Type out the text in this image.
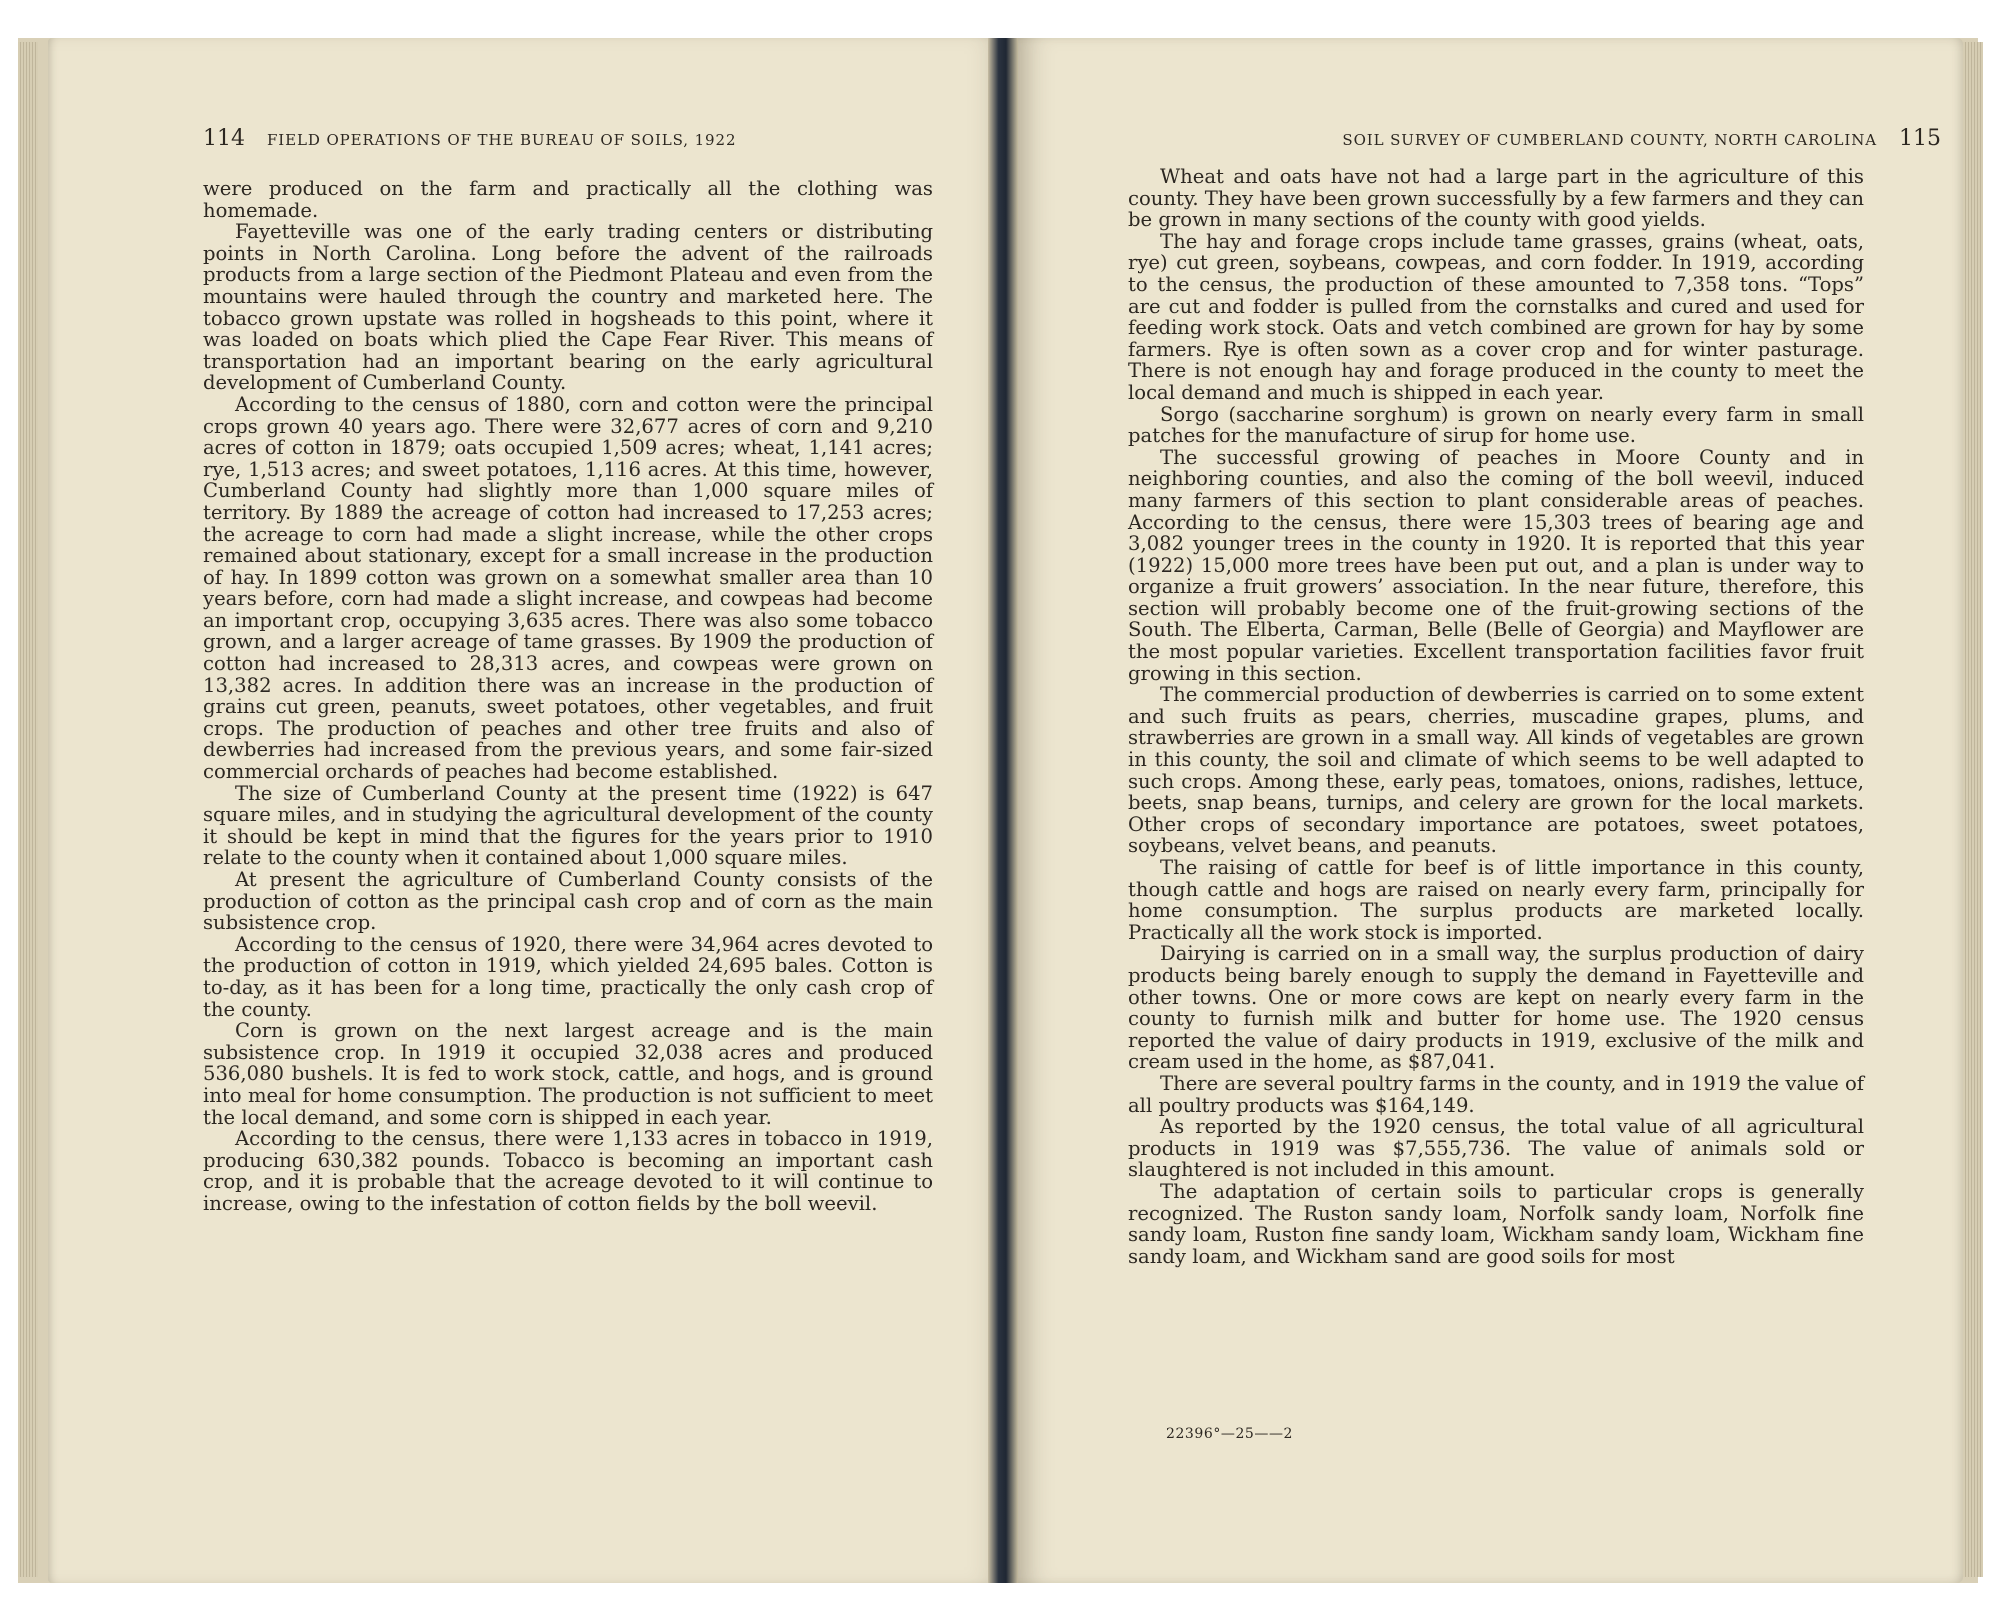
114 FIELD OPERATIONS OF THE BUREAU OF SOILS, 1922

were produced on the farm and practically all the clothing was homemade.

Fayetteville was one of the early trading centers or distributing points in North Carolina. Long before the advent of the railroads products from a large section of the Piedmont Plateau and even from the mountains were hauled through the country and marketed here. The tobacco grown upstate was rolled in hogsheads to this point, where it was loaded on boats which plied the Cape Fear River. This means of transportation had an important bearing on the early agricultural development of Cumberland County.

According to the census of 1880, corn and cotton were the principal crops grown 40 years ago. There were 32,677 acres of corn and 9,210 acres of cotton in 1879; oats occupied 1,509 acres; wheat, 1,141 acres; rye, 1,513 acres; and sweet potatoes, 1,116 acres. At this time, however, Cumberland County had slightly more than 1,000 square miles of territory. By 1889 the acreage of cotton had increased to 17,253 acres; the acreage to corn had made a slight increase, while the other crops remained about stationary, except for a small increase in the production of hay. In 1899 cotton was grown on a somewhat smaller area than 10 years before, corn had made a slight increase, and cowpeas had become an important crop, occupying 3,635 acres. There was also some tobacco grown, and a larger acreage of tame grasses. By 1909 the production of cotton had increased to 28,313 acres, and cowpeas were grown on 13,382 acres. In addition there was an increase in the production of grains cut green, peanuts, sweet potatoes, other vegetables, and fruit crops. The production of peaches and other tree fruits and also of dewberries had increased from the previous years, and some fair-sized commercial orchards of peaches had become established.

The size of Cumberland County at the present time (1922) is 647 square miles, and in studying the agricultural development of the county it should be kept in mind that the figures for the years prior to 1910 relate to the county when it contained about 1,000 square miles.

At present the agriculture of Cumberland County consists of the production of cotton as the principal cash crop and of corn as the main subsistence crop.

According to the census of 1920, there were 34,964 acres devoted to the production of cotton in 1919, which yielded 24,695 bales. Cotton is to-day, as it has been for a long time, practically the only cash crop of the county.

Corn is grown on the next largest acreage and is the main subsistence crop. In 1919 it occupied 32,038 acres and produced 536,080 bushels. It is fed to work stock, cattle, and hogs, and is ground into meal for home consumption. The production is not sufficient to meet the local demand, and some corn is shipped in each year.

According to the census, there were 1,133 acres in tobacco in 1919, producing 630,382 pounds. Tobacco is becoming an important cash crop, and it is probable that the acreage devoted to it will continue to increase, owing to the infestation of cotton fields by the boll weevil.

SOIL SURVEY OF CUMBERLAND COUNTY, NORTH CAROLINA 115

Wheat and oats have not had a large part in the agriculture of this county. They have been grown successfully by a few farmers and they can be grown in many sections of the county with good yields.

The hay and forage crops include tame grasses, grains (wheat, oats, rye) cut green, soybeans, cowpeas, and corn fodder. In 1919, according to the census, the production of these amounted to 7,358 tons. “Tops” are cut and fodder is pulled from the cornstalks and cured and used for feeding work stock. Oats and vetch combined are grown for hay by some farmers. Rye is often sown as a cover crop and for winter pasturage. There is not enough hay and forage produced in the county to meet the local demand and much is shipped in each year.

Sorgo (saccharine sorghum) is grown on nearly every farm in small patches for the manufacture of sirup for home use.

The successful growing of peaches in Moore County and in neighboring counties, and also the coming of the boll weevil, induced many farmers of this section to plant considerable areas of peaches. According to the census, there were 15,303 trees of bearing age and 3,082 younger trees in the county in 1920. It is reported that this year (1922) 15,000 more trees have been put out, and a plan is under way to organize a fruit growers’ association. In the near future, therefore, this section will probably become one of the fruit-growing sections of the South. The Elberta, Carman, Belle (Belle of Georgia) and Mayflower are the most popular varieties. Excellent transportation facilities favor fruit growing in this section.

The commercial production of dewberries is carried on to some extent and such fruits as pears, cherries, muscadine grapes, plums, and strawberries are grown in a small way. All kinds of vegetables are grown in this county, the soil and climate of which seems to be well adapted to such crops. Among these, early peas, tomatoes, onions, radishes, lettuce, beets, snap beans, turnips, and celery are grown for the local markets. Other crops of secondary importance are potatoes, sweet potatoes, soybeans, velvet beans, and peanuts.

The raising of cattle for beef is of little importance in this county, though cattle and hogs are raised on nearly every farm, principally for home consumption. The surplus products are marketed locally. Practically all the work stock is imported.

Dairying is carried on in a small way, the surplus production of dairy products being barely enough to supply the demand in Fayetteville and other towns. One or more cows are kept on nearly every farm in the county to furnish milk and butter for home use. The 1920 census reported the value of dairy products in 1919, exclusive of the milk and cream used in the home, as $87,041.

There are several poultry farms in the county, and in 1919 the value of all poultry products was $164,149.

As reported by the 1920 census, the total value of all agricultural products in 1919 was $7,555,736. The value of animals sold or slaughtered is not included in this amount.

The adaptation of certain soils to particular crops is generally recognized. The Ruston sandy loam, Norfolk sandy loam, Norfolk fine sandy loam, Ruston fine sandy loam, Wickham sandy loam, Wickham fine sandy loam, and Wickham sand are good soils for most

22396°—25——2
